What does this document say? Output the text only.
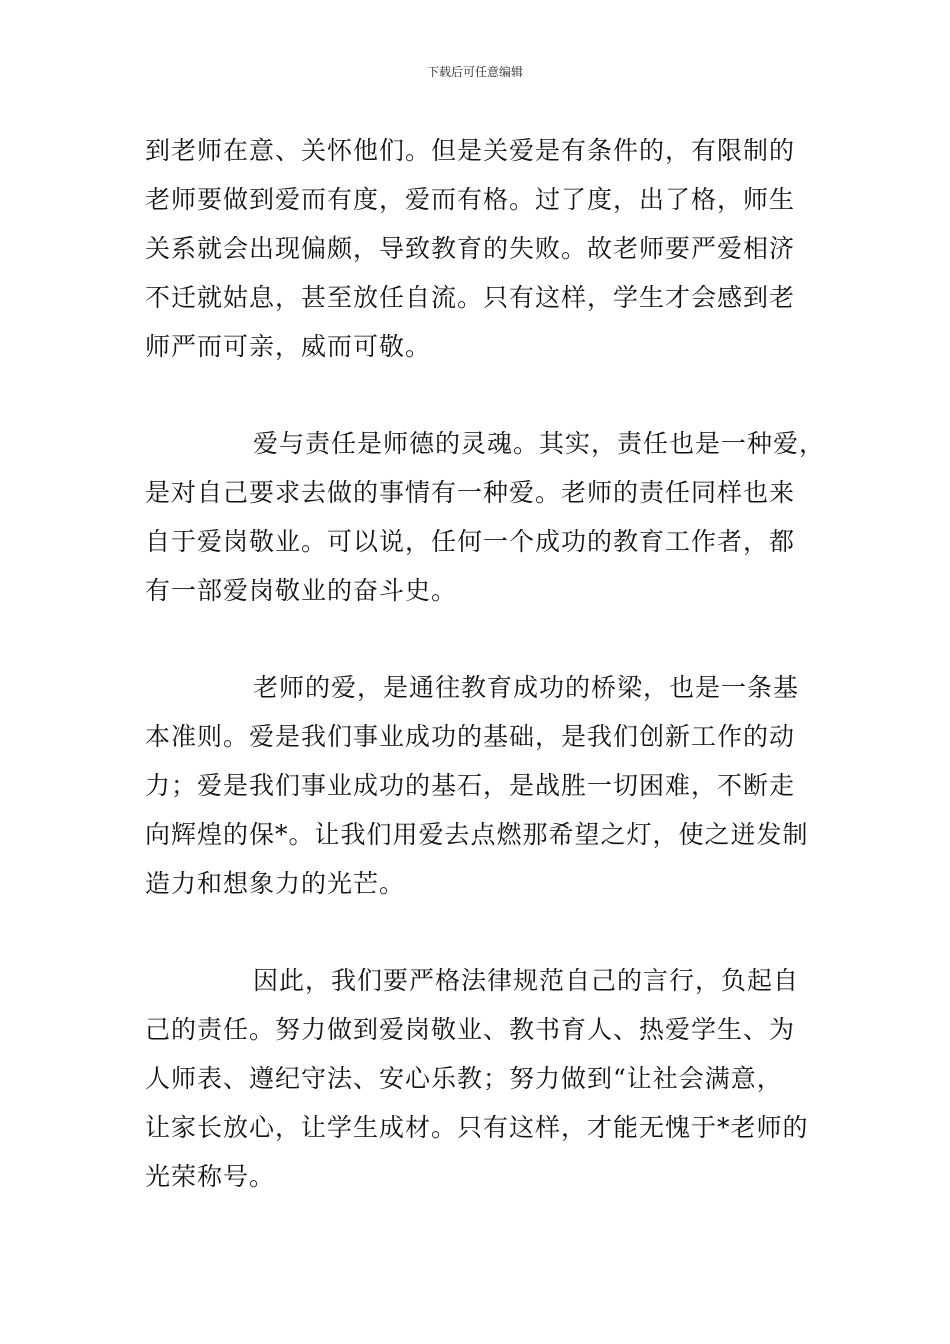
下载后可任意编辑
到老师在意、关怀他们。但是关爱是有条件的，有限制的
老师要做到爱而有度，爱而有格。过了度，出了格，师生
关系就会出现偏颇，导致教育的失败。故老师要严爱相济
不迁就姑息，甚至放任自流。只有这样，学生才会感到老
师严而可亲，威而可敬。
爱与责任是师德的灵魂。其实，责任也是一种爱，
是对自己要求去做的事情有一种爱。老师的责任同样也来
自于爱岗敬业。可以说，任何一个成功的教育工作者，都
有一部爱岗敬业的奋斗史。
老师的爱，是通往教育成功的桥梁，也是一条基
本准则。爱是我们事业成功的基础，是我们创新工作的动
力；爱是我们事业成功的基石，是战胜一切困难，不断走
向辉煌的保*。让我们用爱去点燃那希望之灯，使之迸发制
造力和想象力的光芒。
因此，我们要严格法律规范自己的言行，负起自
己的责任。努力做到爱岗敬业、教书育人、热爱学生、为
人师表、遵纪守法、安心乐教；努力做到“让社会满意，
让家长放心，让学生成材。只有这样，才能无愧于*老师的
光荣称号。
